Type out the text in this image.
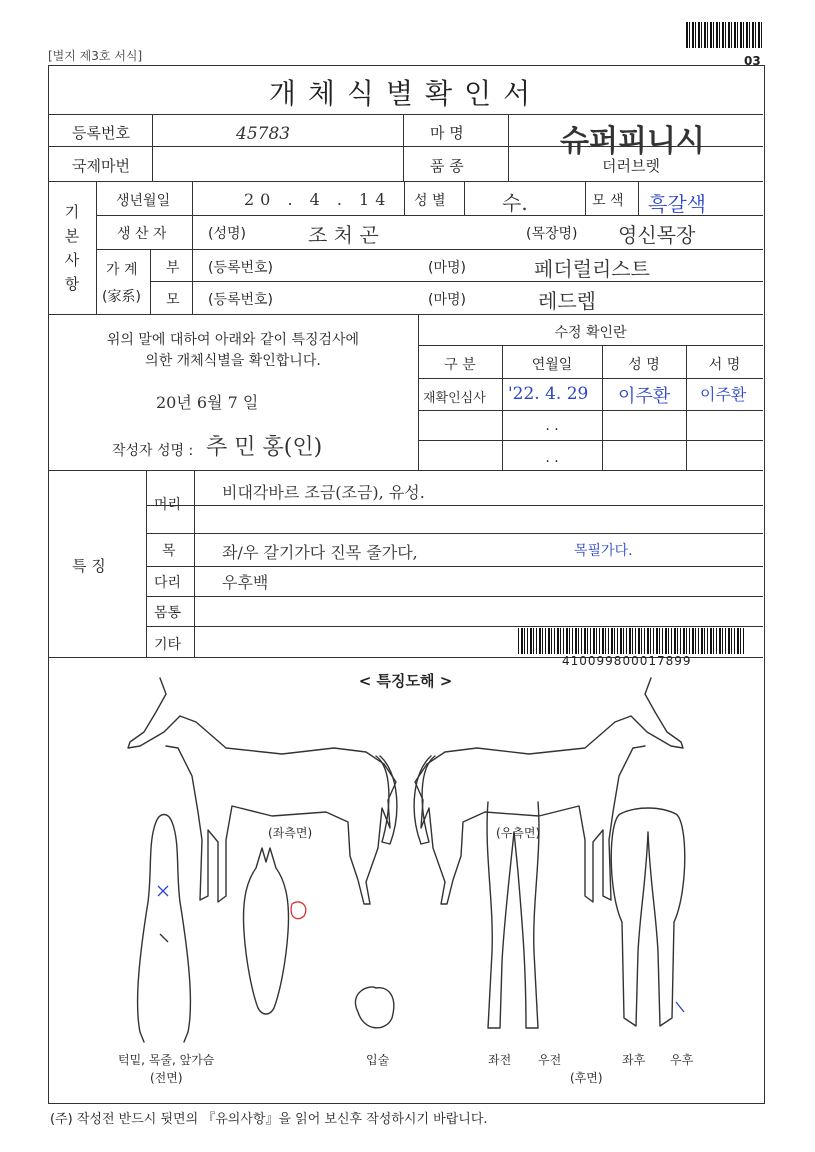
[별지 제3호 서식]	03
개체식별확인서
등록번호	45783	마 명	슈퍼피니시
국제마번	품 종	더러브렛
기
본
사
항
생년월일	20 . 4 . 14 성 별	수.	모 색 흑갈색
생 산 자	(성명)	조 처 곤	(목장명) 영신목장
가 계
(家系)
부 (등록번호)	(마명)	페더럴리스트
모 (등록번호)	(마명)	레드렙
위의 말에 대하여 아래와 같이 특징검사에
의한 개체식별을 확인합니다.
20년 6월 7 일
작성자 성명 : 추 민 홍(인)
수정 확인란
구 분	연월일	성 명	서 명
재확인심사 '22. 4. 29 이주환 이주환
. .
. .
특 징
머리
비대각바르 조금(조금), 유성.
목	좌/우 갈기가다 진목 줄가다,	목필가다.
다리	우후백
몸통
기타
410099800017899
< 특징도해 >
(좌측면)	(우측면)
턱밑, 목줄, 앞가슴
(전면)
입술	좌전 우전	좌후 우후
(후면)
(주) 작성전 반드시 뒷면의 『유의사항』을 읽어 보신후 작성하시기 바랍니다.
